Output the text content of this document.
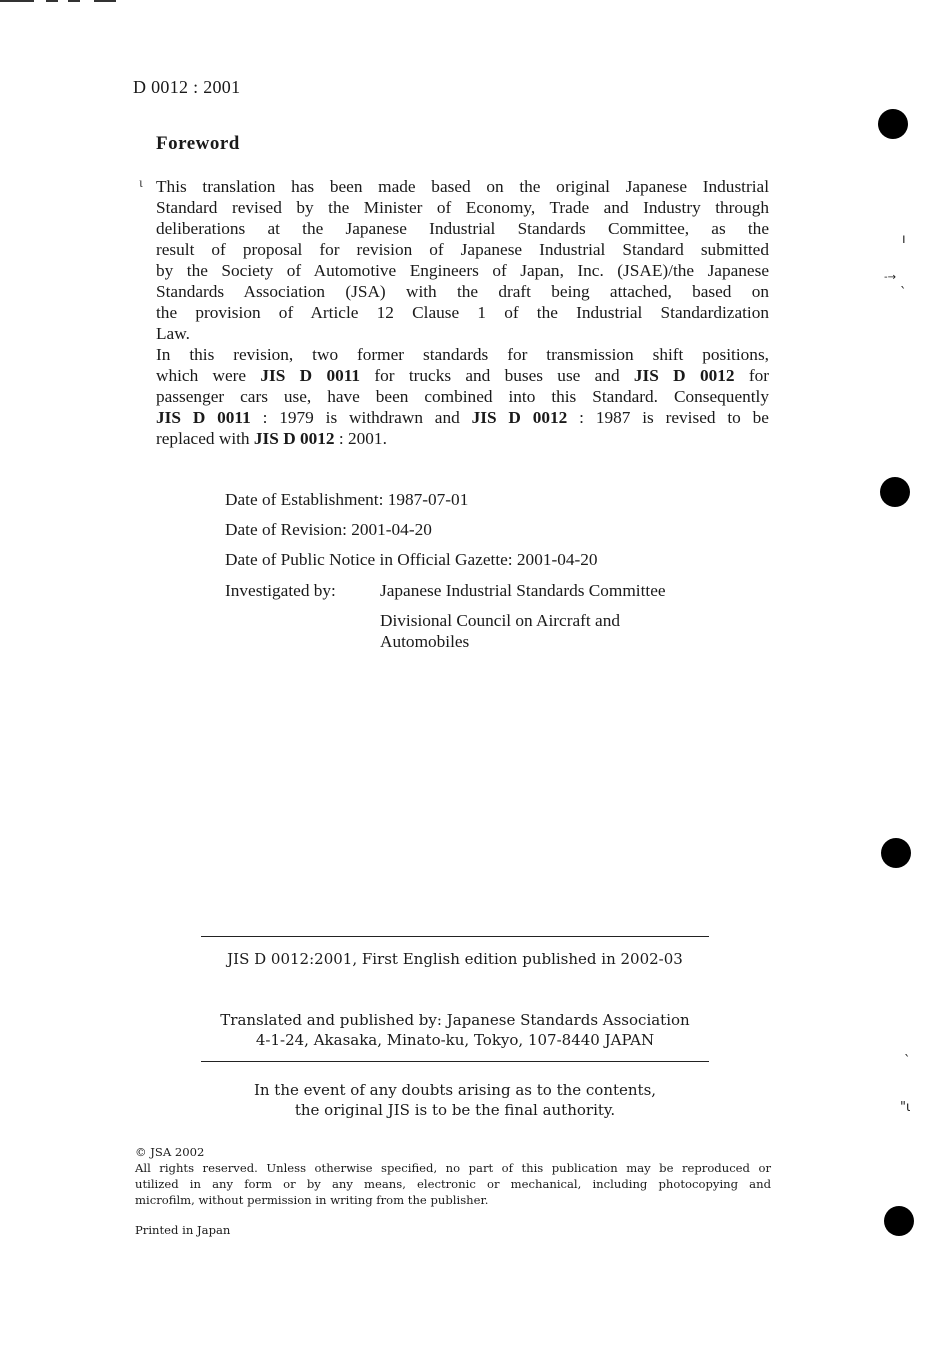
D 0012 : 2001
Foreword
ι This translation has been made based on the original Japanese Industrial
Standard revised by the Minister of Economy, Trade and Industry through
deliberations at the Japanese Industrial Standards Committee, as the
result of proposal for revision of Japanese Industrial Standard submitted
by the Society of Automotive Engineers of Japan, Inc. (JSAE)/the Japanese
Standards Association (JSA) with the draft being attached, based on
the provision of Article 12 Clause 1 of the Industrial Standardization
Law.
In this revision, two former standards for transmission shift positions,
which were JIS D 0011 for trucks and buses use and JIS D 0012 for
passenger cars use, have been combined into this Standard. Consequently
JIS D 0011 : 1979 is withdrawn and JIS D 0012 : 1987 is revised to be
replaced with JIS D 0012 : 2001.
Date of Establishment: 1987-07-01
Date of Revision: 2001-04-20
Date of Public Notice in Official Gazette: 2001-04-20
Investigated by:	Japanese Industrial Standards Committee
Divisional Council on Aircraft and
Automobiles
JIS D 0012:2001, First English edition published in 2002-03
Translated and published by: Japanese Standards Association
4-1-24, Akasaka, Minato-ku, Tokyo, 107-8440 JAPAN
In the event of any doubts arising as to the contents,
the original JIS is to be the final authority.
© JSA 2002
All rights reserved. Unless otherwise specified, no part of this publication may be reproduced or
utilized in any form or by any means, electronic or mechanical, including photocopying and
microfilm, without permission in writing from the publisher.
Printed in Japan
ı
‑→
ˋ
ˋ
"ι
